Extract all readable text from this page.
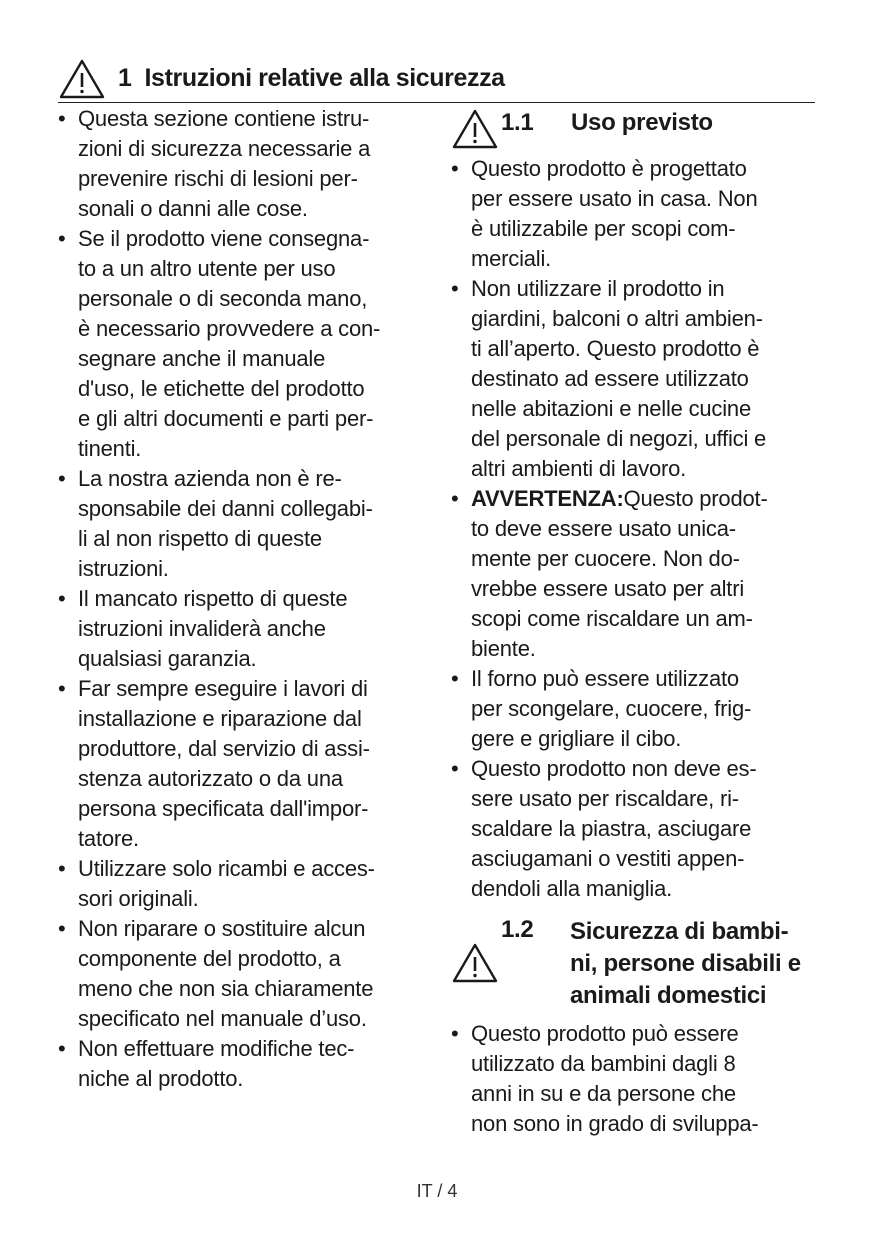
1 Istruzioni relative alla sicurezza
• Questa sezione contiene istru-
zioni di sicurezza necessarie a
prevenire rischi di lesioni per-
sonali o danni alle cose.
• Se il prodotto viene consegna-
to a un altro utente per uso
personale o di seconda mano,
è necessario provvedere a con-
segnare anche il manuale
d'uso, le etichette del prodotto
e gli altri documenti e parti per-
tinenti.
• La nostra azienda non è re-
sponsabile dei danni collegabi-
li al non rispetto di queste
istruzioni.
• Il mancato rispetto di queste
istruzioni invaliderà anche
qualsiasi garanzia.
• Far sempre eseguire i lavori di
installazione e riparazione dal
produttore, dal servizio di assi-
stenza autorizzato o da una
persona specificata dall'impor-
tatore.
• Utilizzare solo ricambi e acces-
sori originali.
• Non riparare o sostituire alcun
componente del prodotto, a
meno che non sia chiaramente
specificato nel manuale d’uso.
• Non effettuare modifiche tec-
niche al prodotto.
1.1 Uso previsto
• Questo prodotto è progettato
per essere usato in casa. Non
è utilizzabile per scopi com-
merciali.
• Non utilizzare il prodotto in
giardini, balconi o altri ambien-
ti all’aperto. Questo prodotto è
destinato ad essere utilizzato
nelle abitazioni e nelle cucine
del personale di negozi, uffici e
altri ambienti di lavoro.
• AVVERTENZA:Questo prodot-
to deve essere usato unica-
mente per cuocere. Non do-
vrebbe essere usato per altri
scopi come riscaldare un am-
biente.
• Il forno può essere utilizzato
per scongelare, cuocere, frig-
gere e grigliare il cibo.
• Questo prodotto non deve es-
sere usato per riscaldare, ri-
scaldare la piastra, asciugare
asciugamani o vestiti appen-
dendoli alla maniglia.
1.2 Sicurezza di bambi-
ni, persone disabili e
animali domestici
• Questo prodotto può essere
utilizzato da bambini dagli 8
anni in su e da persone che
non sono in grado di sviluppa-
IT / 4
